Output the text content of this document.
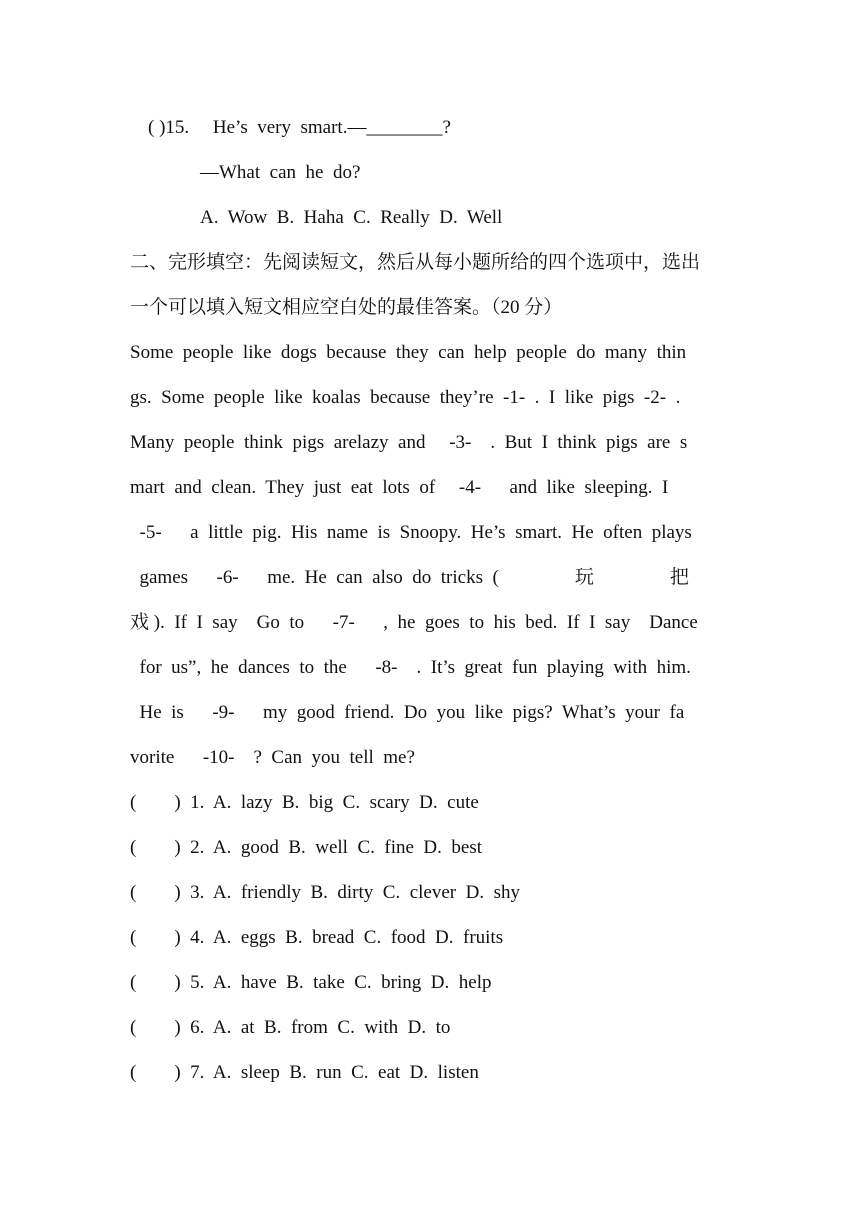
( )15.     He’s  very  smart.—________?
—What  can  he  do?
A.  Wow  B.  Haha  C.  Really  D.  Well
二、完形填空：先阅读短文，然后从每小题所给的四个选项中，选出
一个可以填入短文相应空白处的最佳答案。（20 分）
Some  people  like  dogs  because  they  can  help  people  do  many  thin
gs.  Some  people  like  koalas  because  they’re  -1-  .  I  like  pigs  -2-  .
Many  people  think  pigs  arelazy  and     -3-    .  But  I  think  pigs  are  s
mart  and  clean.  They  just  eat  lots  of     -4-      and  like  sleeping.  I
-5-      a  little  pig.  His  name  is  Snoopy.  He’s  smart.  He  often  plays
games      -6-      me.  He  can  also  do  tricks  (                玩                把
戏 ).  If  I  say    Go  to      -7-      ,  he  goes  to  his  bed.  If  I  say    Dance
for  us”,  he  dances  to  the      -8-    .  It’s  great  fun  playing  with  him.
He  is      -9-      my  good  friend.  Do  you  like  pigs?  What’s  your  fa
vorite      -10-    ?  Can  you  tell  me?
(        )  1.  A.  lazy  B.  big  C.  scary  D.  cute
(        )  2.  A.  good  B.  well  C.  fine  D.  best
(        )  3.  A.  friendly  B.  dirty  C.  clever  D.  shy
(        )  4.  A.  eggs  B.  bread  C.  food  D.  fruits
(        )  5.  A.  have  B.  take  C.  bring  D.  help
(        )  6.  A.  at  B.  from  C.  with  D.  to
(        )  7.  A.  sleep  B.  run  C.  eat  D.  listen
